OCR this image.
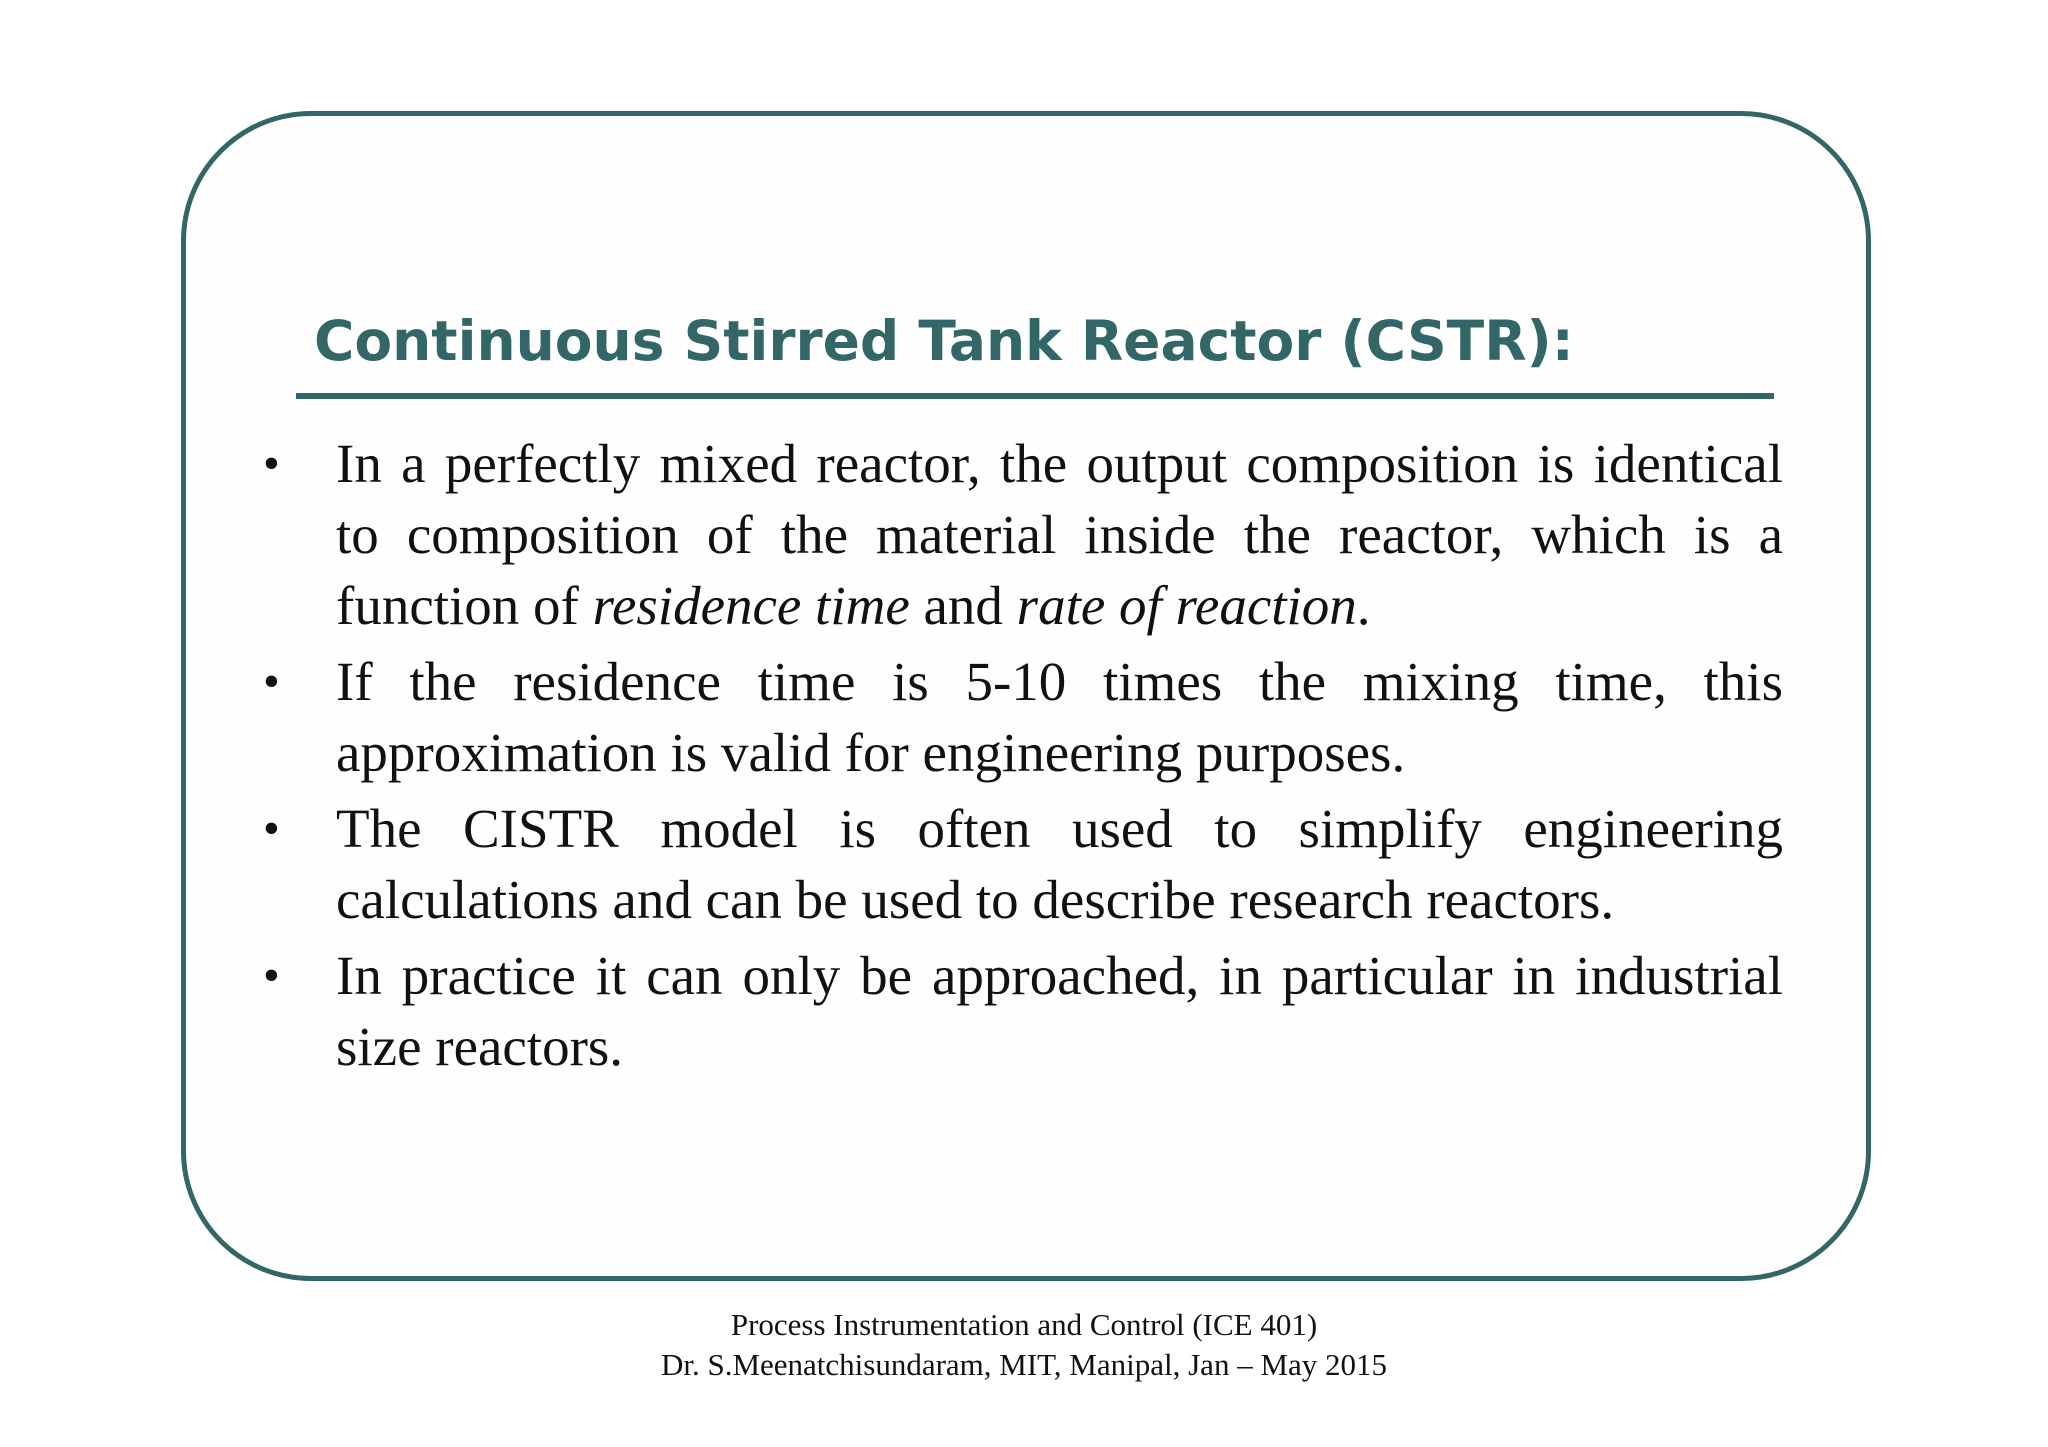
Continuous Stirred Tank Reactor (CSTR):
• In a perfectly mixed reactor, the output composition is identical to composition of the material inside the reactor, which is a function of residence time and rate of reaction.
• If the residence time is 5-10 times the mixing time, this approximation is valid for engineering purposes.
• The CISTR model is often used to simplify engineering calculations and can be used to describe research reactors.
• In practice it can only be approached, in particular in industrial size reactors.
Process Instrumentation and Control (ICE 401)
Dr. S.Meenatchisundaram, MIT, Manipal, Jan – May 2015
